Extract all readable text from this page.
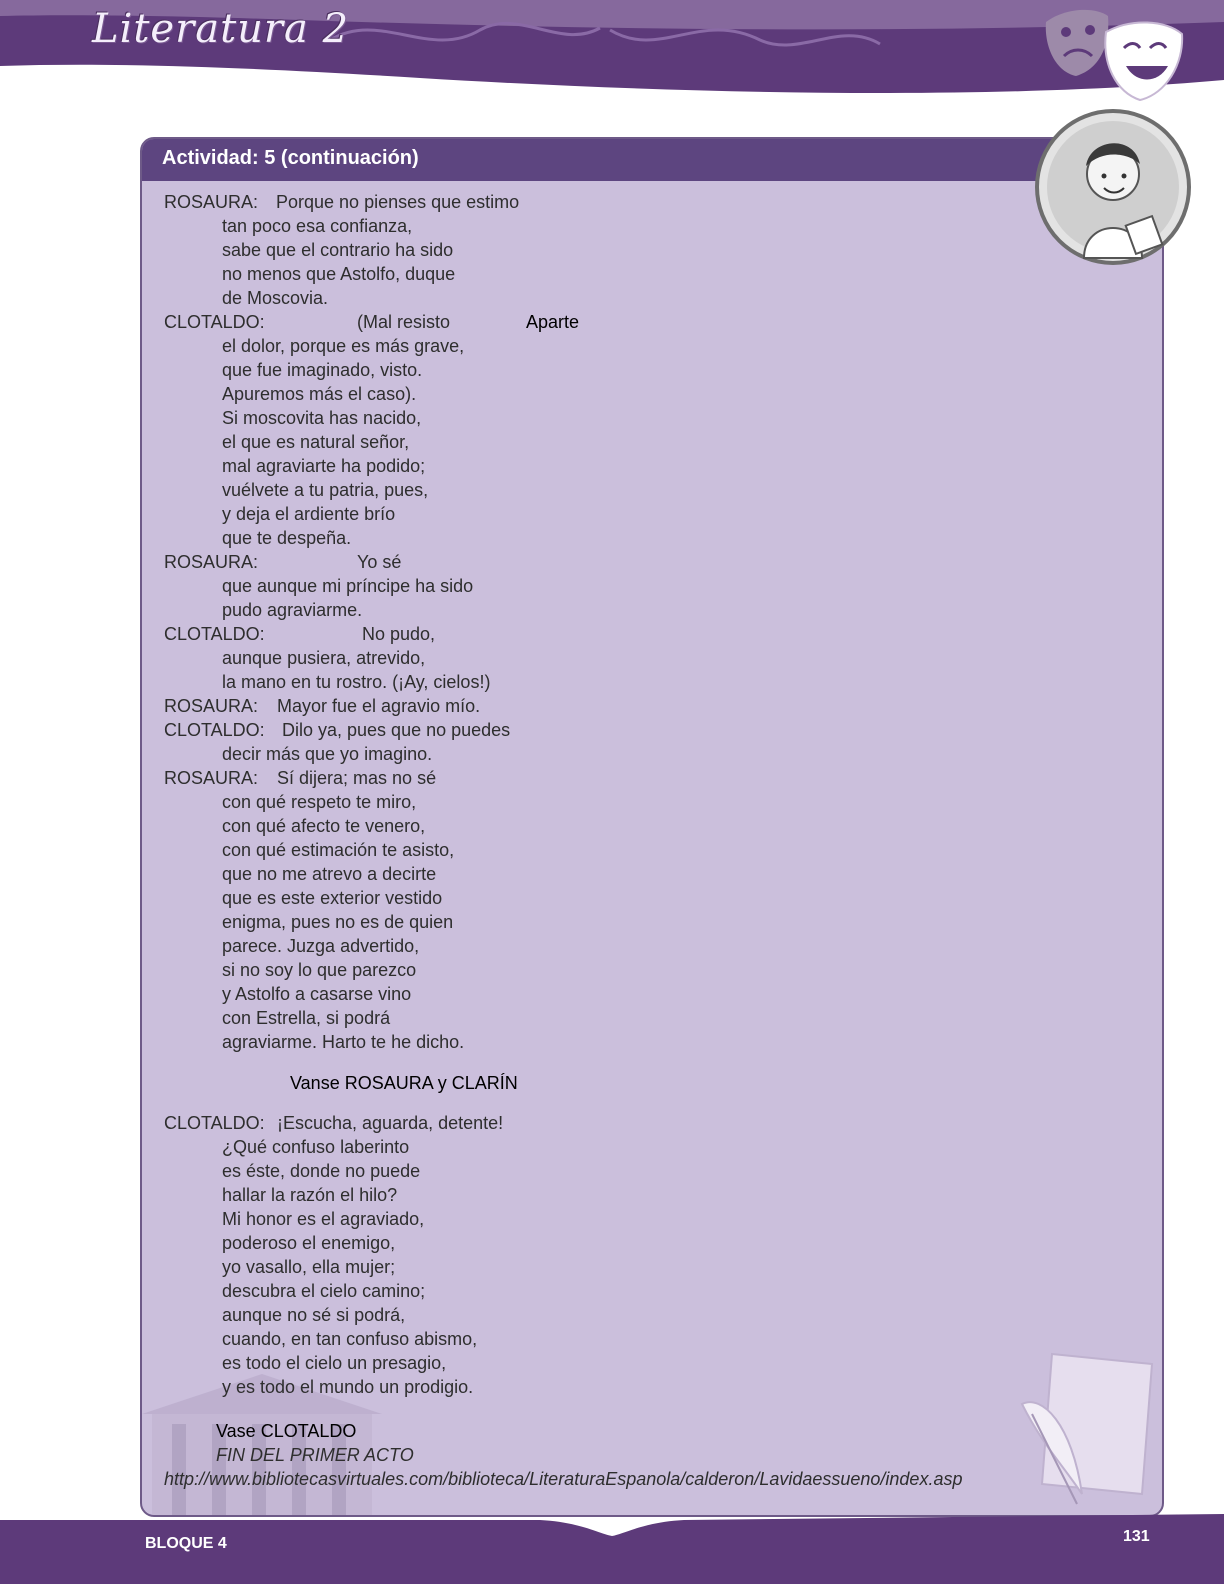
Literatura 2
Actividad: 5 (continuación)
ROSAURA: Porque no pienses que estimo
tan poco esa confianza,
sabe que el contrario ha sido
no menos que Astolfo, duque
de Moscovia.
CLOTALDO:	(Mal resisto	Aparte
el dolor, porque es más grave,
que fue imaginado, visto.
Apuremos más el caso).
Si moscovita has nacido,
el que es natural señor,
mal agraviarte ha podido;
vuélvete a tu patria, pues,
y deja el ardiente brío
que te despeña.
ROSAURA:	Yo sé
que aunque mi príncipe ha sido
pudo agraviarme.
CLOTALDO:	No pudo,
aunque pusiera, atrevido,
la mano en tu rostro. (¡Ay, cielos!)
ROSAURA: Mayor fue el agravio mío.
CLOTALDO: Dilo ya, pues que no puedes
decir más que yo imagino.
ROSAURA: Sí dijera; mas no sé
con qué respeto te miro,
con qué afecto te venero,
con qué estimación te asisto,
que no me atrevo a decirte
que es este exterior vestido
enigma, pues no es de quien
parece. Juzga advertido,
si no soy lo que parezco
y Astolfo a casarse vino
con Estrella, si podrá
agraviarme. Harto te he dicho.
Vanse ROSAURA y CLARÍN
CLOTALDO: ¡Escucha, aguarda, detente!
¿Qué confuso laberinto
es éste, donde no puede
hallar la razón el hilo?
Mi honor es el agraviado,
poderoso el enemigo,
yo vasallo, ella mujer;
descubra el cielo camino;
aunque no sé si podrá,
cuando, en tan confuso abismo,
es todo el cielo un presagio,
y es todo el mundo un prodigio.
Vase CLOTALDO
FIN DEL PRIMER ACTO
http://www.bibliotecasvirtuales.com/biblioteca/LiteraturaEspanola/calderon/Lavidaessueno/index.asp
BLOQUE 4	131
